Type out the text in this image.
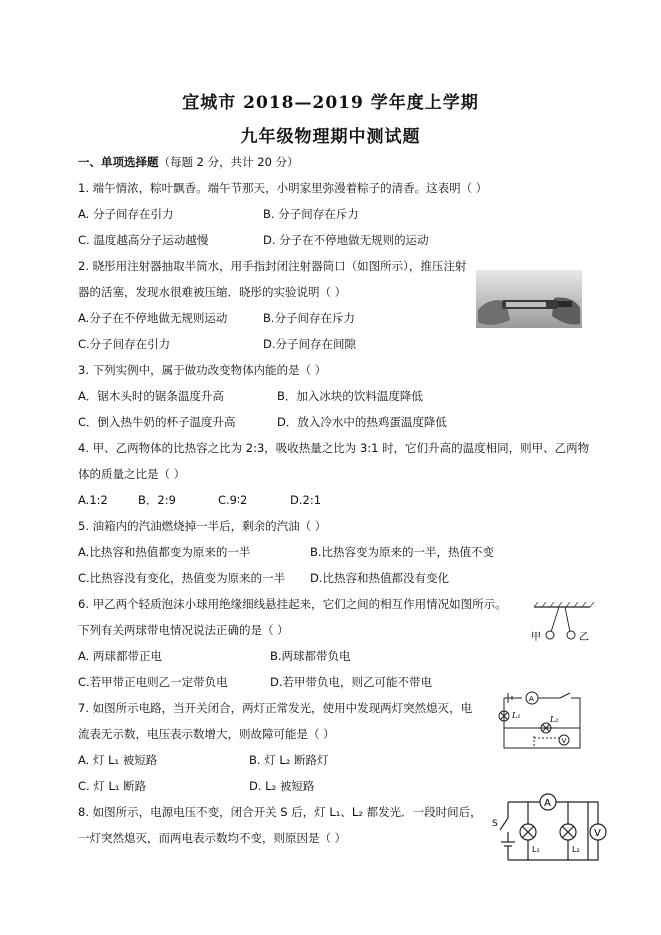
宜城市 2018—2019 学年度上学期
九年级物理期中测试题
一、单项选择题（每题 2 分，共计 20 分）
1. 端午情浓，粽叶飘香。端午节那天，小明家里弥漫着粽子的清香。这表明（ ）
A. 分子间存在引力	B. 分子间存在斥力
C. 温度越高分子运动越慢	D. 分子在不停地做无规则的运动
2. 晓彤用注射器抽取半筒水，用手指封闭注射器筒口（如图所示），推压注射
器的活塞，发现水很难被压缩．晓彤的实验说明（ ）
A.分子在不停地做无规则运动	B.分子间存在斥力
C.分子间存在引力	D.分子间存在间隙
3. 下列实例中，属于做功改变物体内能的是（ ）
A．锯木头时的锯条温度升高	B．加入冰块的饮料温度降低
C．倒入热牛奶的杯子温度升高	D．放入冷水中的热鸡蛋温度降低
4. 甲、乙两物体的比热容之比为 2:3，吸收热量之比为 3:1 时，它们升高的温度相同，则甲、乙两物
体的质量之比是（ ）
A.1:2	B．2:9	C.9∶2	D.2:1
5. 油箱内的汽油燃烧掉一半后，剩余的汽油（ ）
A.比热容和热值都变为原来的一半	B.比热容变为原来的一半，热值不变
C.比热容没有变化，热值变为原来的一半 D.比热容和热值都没有变化
6. 甲乙两个轻质泡沫小球用绝缘细线悬挂起来，它们之间的相互作用情况如图所示。
下列有关两球带电情况说法正确的是（ ）
A. 两球都带正电	B.两球都带负电
C.若甲带正电则乙一定带负电	D.若甲带负电，则乙可能不带电
甲	乙
7. 如图所示电路，当开关闭合，两灯正常发光，使用中发现两灯突然熄灭，电
流表无示数，电压表示数增大，则故障可能是（ ）
A. 灯 L₁ 被短路	B. 灯 L₂ 断路灯
C. 灯 L₁ 断路	D. L₂ 被短路
A
V
L₁	L₂
8. 如图所示，电源电压不变，闭合开关 S 后，灯 L₁、L₂ 都发光．一段时间后，
一灯突然熄灭，而两电表示数均不变，则原因是（ ）
A
V
S
L₁	L₂
